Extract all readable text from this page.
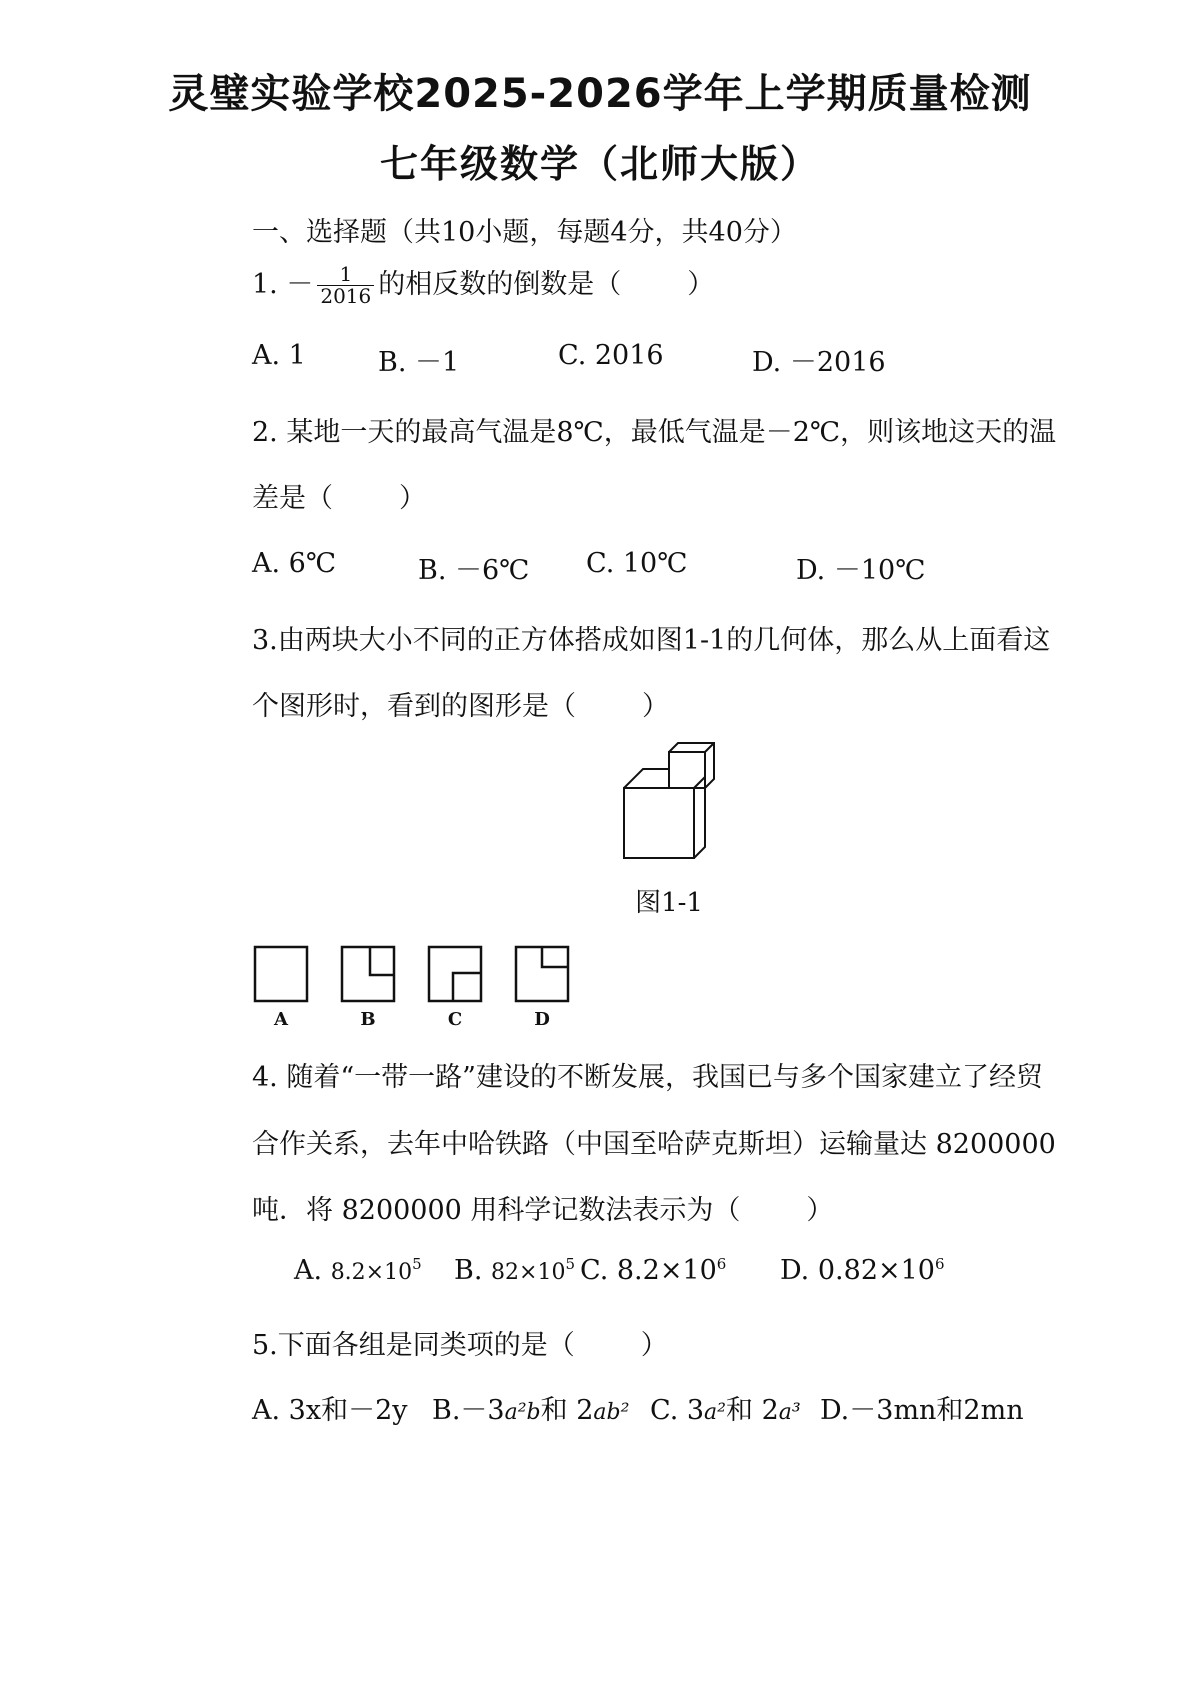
灵璧实验学校2025-2026学年上学期质量检测
七年级数学（北师大版）
一、选择题（共10小题，每题4分，共40分）
1. － $\frac{1}{2016}$ 的相反数的倒数是（ ）
A. 1	B. －1	C. 2016	D. －2016
2. 某地一天的最高气温是8℃，最低气温是－2℃，则该地这天的温
差是（ ）
A. 6℃	B. －6℃ C. 10℃	D. －10℃
3.由两块大小不同的正方体搭成如图1-1的几何体，那么从上面看这
个图形时，看到的图形是（ ）
图1-1
A	B	C	D
4. 随着“一带一路”建设的不断发展，我国已与多个国家建立了经贸
合作关系，去年中哈铁路（中国至哈萨克斯坦）运输量达 8200000
吨．将 8200000 用科学记数法表示为（ ）
A. $8.2\times 10^5$ B. $82\times 10^5$ C. $8.2\times 10^6$ D. $0.82\times 10^6$
5.下面各组是同类项的是（ ）
A. 3x和－2y B.－3a²b和 2ab² C. 3a²和 2a³ D.－3mn和2mn
